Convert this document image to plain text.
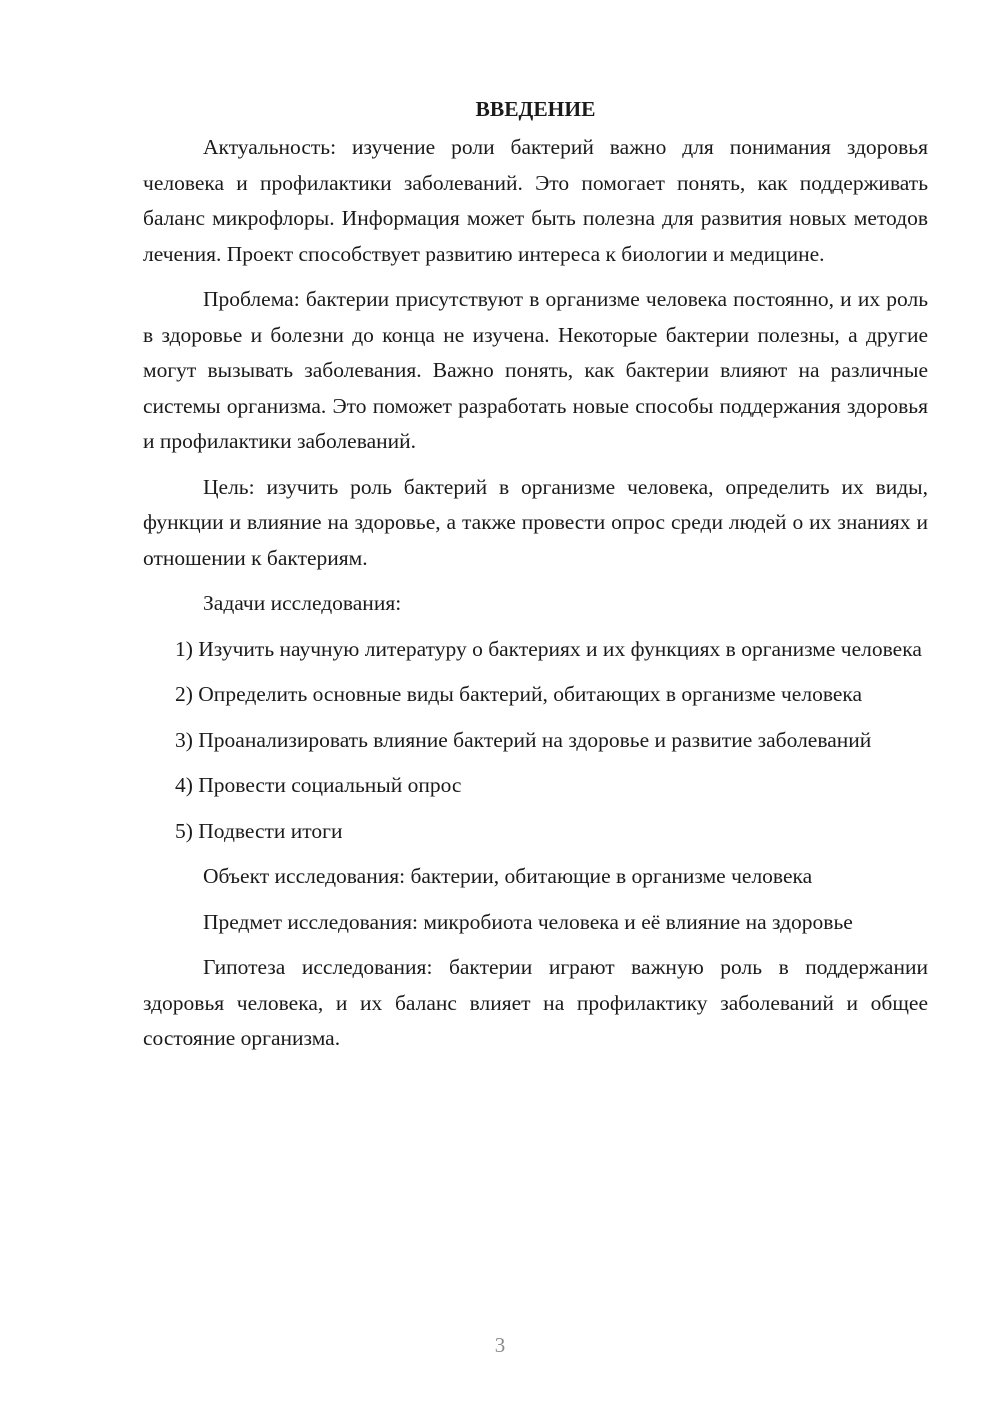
ВВЕДЕНИЕ

Актуальность: изучение роли бактерий важно для понимания здоровья человека и профилактики заболеваний. Это помогает понять, как поддерживать баланс микрофлоры. Информация может быть полезна для развития новых методов лечения. Проект способствует развитию интереса к биологии и медицине.

Проблема: бактерии присутствуют в организме человека постоянно, и их роль в здоровье и болезни до конца не изучена. Некоторые бактерии полезны, а другие могут вызывать заболевания. Важно понять, как бактерии влияют на различные системы организма. Это поможет разработать новые способы поддержания здоровья и профилактики заболеваний.

Цель: изучить роль бактерий в организме человека, определить их виды, функции и влияние на здоровье, а также провести опрос среди людей о их знаниях и отношении к бактериям.

Задачи исследования:

1) Изучить научную литературу о бактериях и их функциях в организме человека

2) Определить основные виды бактерий, обитающих в организме человека

3) Проанализировать влияние бактерий на здоровье и развитие заболеваний

4) Провести социальный опрос

5) Подвести итоги

Объект исследования: бактерии, обитающие в организме человека

Предмет исследования: микробиота человека и её влияние на здоровье

Гипотеза исследования: бактерии играют важную роль в поддержании здоровья человека, и их баланс влияет на профилактику заболеваний и общее состояние организма.

3
